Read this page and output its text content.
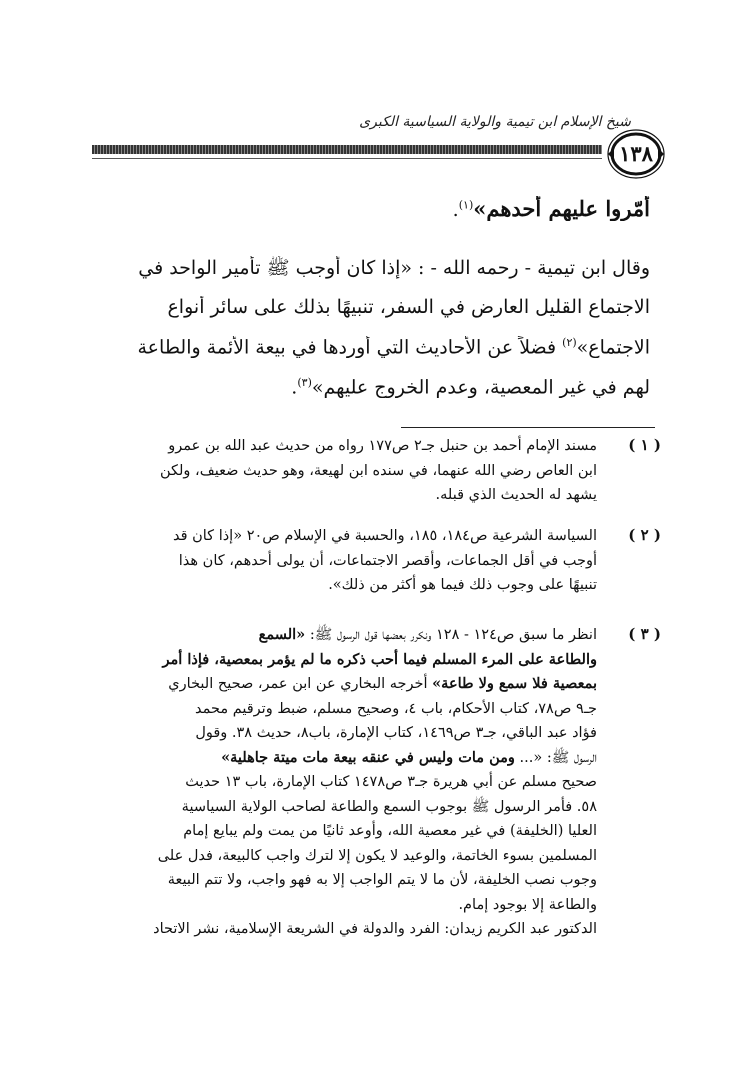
شيخ الإسلام ابن تيمية والولاية السياسية الكبرى
١٣٨
أمّروا عليهم أحدهم»$^{(١)}$.
وقال ابن تيمية - رحمه الله - : «إذا كان أوجب ﷺ تأمير الواحد في
الاجتماع القليل العارض في السفر، تنبيهًا بذلك على سائر أنواع
الاجتماع»$^{(٢)}$ فضلاً عن الأحاديث التي أوردها في بيعة الأئمة والطاعة
لهم في غير المعصية، وعدم الخروج عليهم»$^{(٣)}$.
( ١ )
مسند الإمام أحمد بن حنبل جـ٢ ص١٧٧ رواه من حديث عبد الله بن عمرو
ابن العاص رضي الله عنهما، في سنده ابن لهيعة، وهو حديث ضعيف، ولكن
يشهد له الحديث الذي قبله.
( ٢ )
السياسة الشرعية ص١٨٤، ١٨٥، والحسبة في الإسلام ص٢٠ «إذا كان قد
أوجب في أقل الجماعات، وأقصر الاجتماعات، أن يولى أحدهم، كان هذا
تنبيهًا على وجوب ذلك فيما هو أكثر من ذلك».
( ٣ )
انظر ما سبق ص١٢٤ - ١٢٨ ونكرر بعضها قول الرسول ﷺ: «السمع
والطاعة على المرء المسلم فيما أحب ذكره ما لم يؤمر بمعصية، فإذا أمر
بمعصية فلا سمع ولا طاعة» أخرجه البخاري عن ابن عمر، صحيح البخاري
جـ٩ ص٧٨، كتاب الأحكام، باب ٤، وصحيح مسلم، ضبط وترقيم محمد
فؤاد عبد الباقي، جـ٣ ص١٤٦٩، كتاب الإمارة، باب٨، حديث ٣٨. وقول
الرسول ﷺ: «... ومن مات وليس في عنقه بيعة مات ميتة جاهلية»
صحيح مسلم عن أبي هريرة جـ٣ ص١٤٧٨ كتاب الإمارة، باب ١٣ حديث
٥٨. فأمر الرسول ﷺ بوجوب السمع والطاعة لصاحب الولاية السياسية
العليا (الخليفة) في غير معصية الله، وأوعد ثانيًا من يمت ولم يبايع إمام
المسلمين بسوء الخاتمة، والوعيد لا يكون إلا لترك واجب كالبيعة، فدل على
وجوب نصب الخليفة، لأن ما لا يتم الواجب إلا به فهو واجب، ولا تتم البيعة
والطاعة إلا بوجود إمام.
الدكتور عبد الكريم زيدان: الفرد والدولة في الشريعة الإسلامية، نشر الاتحاد
